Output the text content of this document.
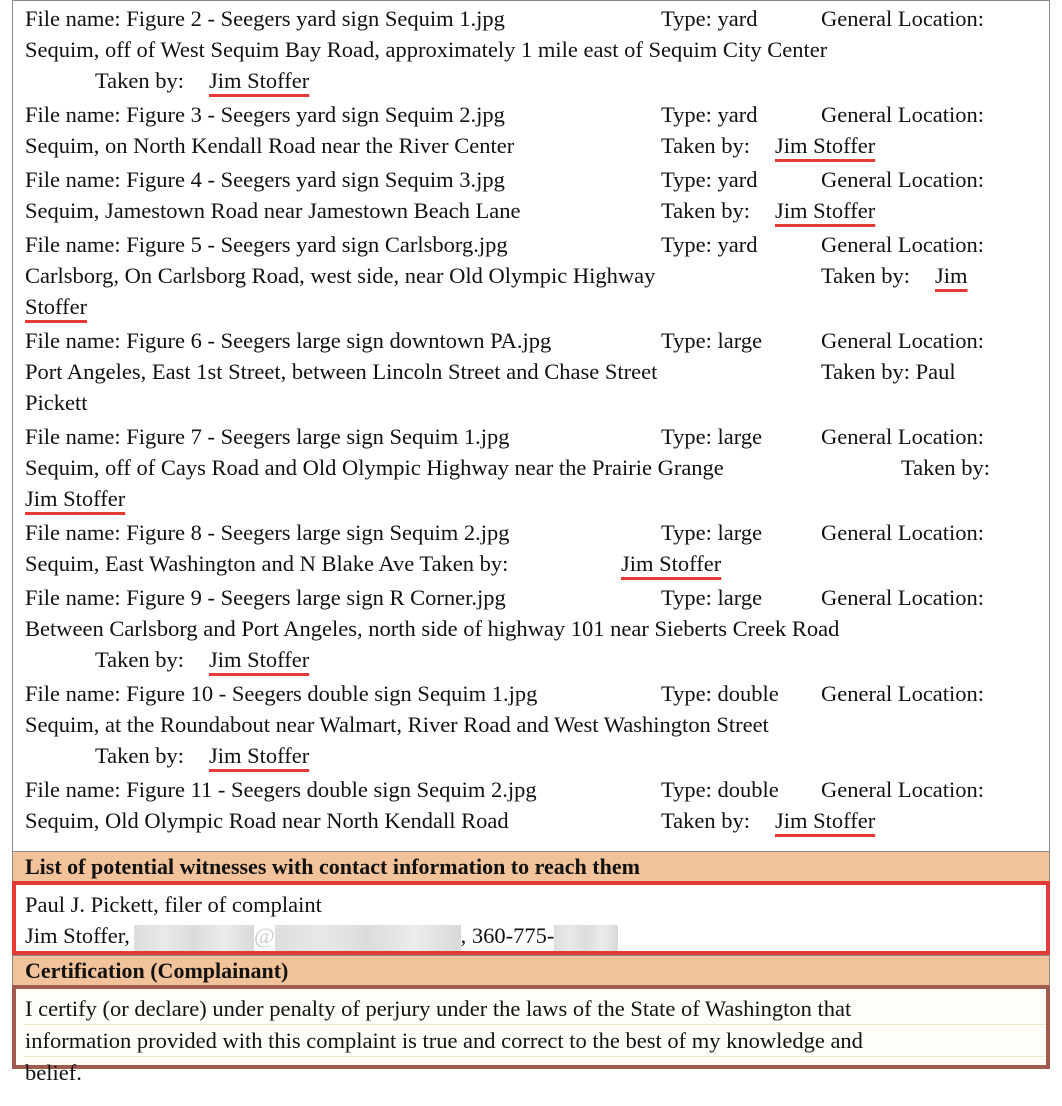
File name: Figure 2 - Seegers yard sign Sequim 1.jpg	Type: yard	General Location:
Sequim, off of West Sequim Bay Road, approximately 1 mile east of Sequim City Center
Taken by: Jim Stoffer
File name: Figure 3 - Seegers yard sign Sequim 2.jpg	Type: yard	General Location:
Sequim, on North Kendall Road near the River Center	Taken by: Jim Stoffer
File name: Figure 4 - Seegers yard sign Sequim 3.jpg	Type: yard	General Location:
Sequim, Jamestown Road near Jamestown Beach Lane	Taken by: Jim Stoffer
File name: Figure 5 - Seegers yard sign Carlsborg.jpg	Type: yard	General Location:
Carlsborg, On Carlsborg Road, west side, near Old Olympic Highway	Taken by: Jim
Stoffer
File name: Figure 6 - Seegers large sign downtown PA.jpg	Type: large	General Location:
Port Angeles, East 1st Street, between Lincoln Street and Chase Street	Taken by: Paul
Pickett
File name: Figure 7 - Seegers large sign Sequim 1.jpg	Type: large	General Location:
Sequim, off of Cays Road and Old Olympic Highway near the Prairie Grange	Taken by:
Jim Stoffer
File name: Figure 8 - Seegers large sign Sequim 2.jpg	Type: large	General Location:
Sequim, East Washington and N Blake Ave Taken by:	Jim Stoffer
File name: Figure 9 - Seegers large sign R Corner.jpg	Type: large	General Location:
Between Carlsborg and Port Angeles, north side of highway 101 near Sieberts Creek Road
Taken by: Jim Stoffer
File name: Figure 10 - Seegers double sign Sequim 1.jpg	Type: double General Location:
Sequim, at the Roundabout near Walmart, River Road and West Washington Street
Taken by: Jim Stoffer
File name: Figure 11 - Seegers double sign Sequim 2.jpg	Type: double General Location:
Sequim, Old Olympic Road near North Kendall Road	Taken by: Jim Stoffer
List of potential witnesses with contact information to reach them
Paul J. Pickett, filer of complaint
Jim Stoffer,	@	, 360-775-
Certification (Complainant)
I certify (or declare) under penalty of perjury under the laws of the State of Washington that
information provided with this complaint is true and correct to the best of my knowledge and
belief.
